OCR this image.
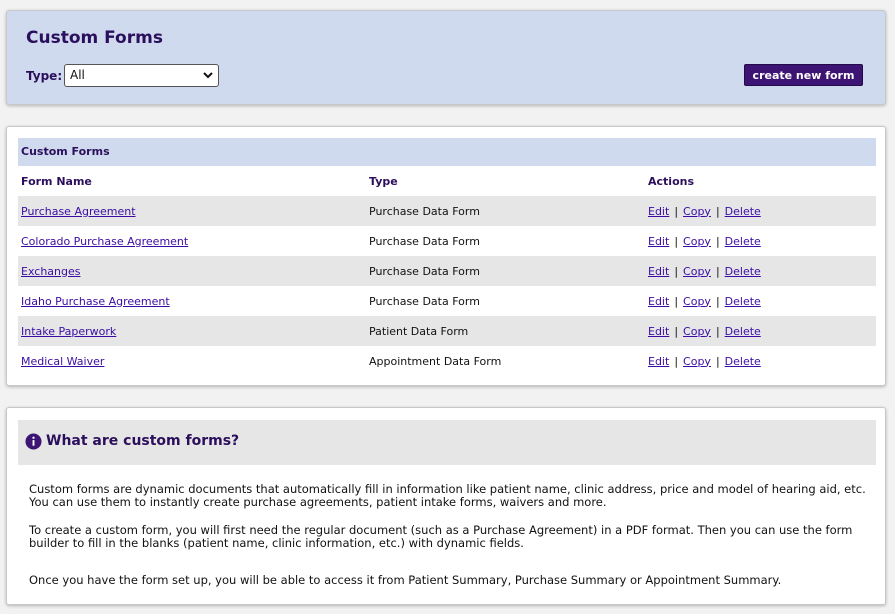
Custom Forms
Type: All	create new form
Custom Forms
Form Name	Type	Actions
Purchase Agreement	Purchase Data Form	Edit | Copy | Delete
Colorado Purchase Agreement	Purchase Data Form	Edit | Copy | Delete
Exchanges	Purchase Data Form	Edit | Copy | Delete
Idaho Purchase Agreement	Purchase Data Form	Edit | Copy | Delete
Intake Paperwork	Patient Data Form	Edit | Copy | Delete
Medical Waiver	Appointment Data Form	Edit | Copy | Delete
What are custom forms?
Custom forms are dynamic documents that automatically fill in information like patient name, clinic address, price and model of hearing aid, etc. You can use them to instantly create purchase agreements, patient intake forms, waivers and more.
To create a custom form, you will first need the regular document (such as a Purchase Agreement) in a PDF format. Then you can use the form builder to fill in the blanks (patient name, clinic information, etc.) with dynamic fields.
Once you have the form set up, you will be able to access it from Patient Summary, Purchase Summary or Appointment Summary.
